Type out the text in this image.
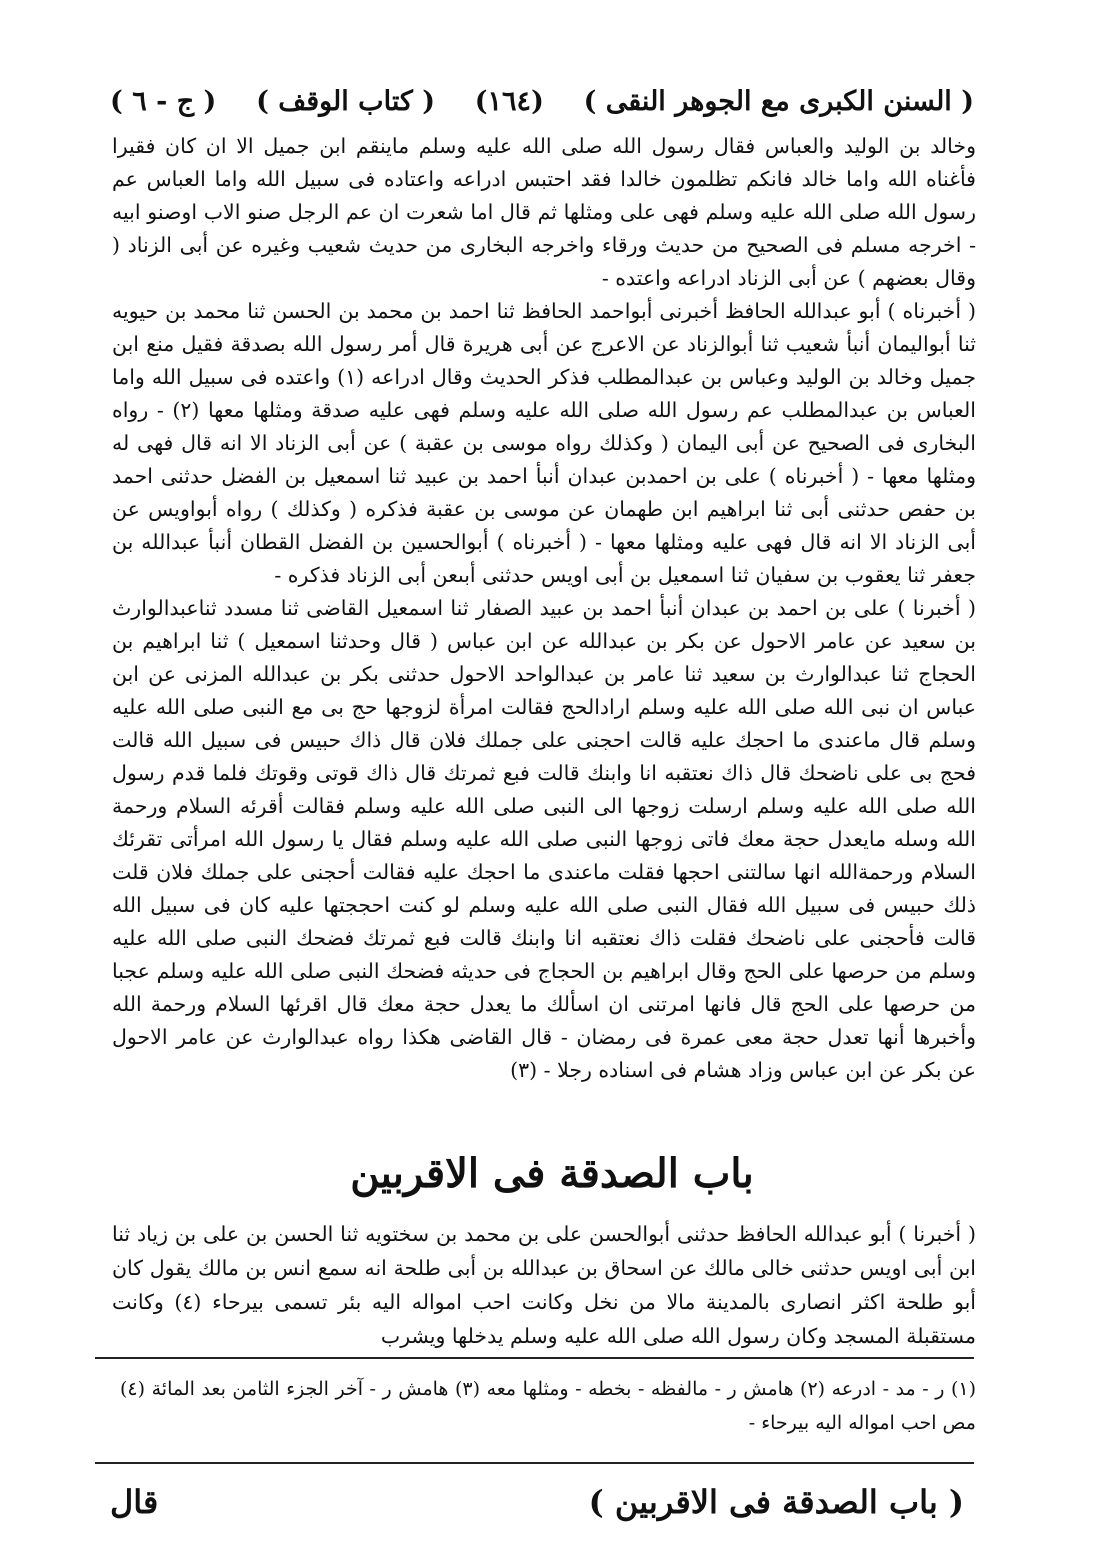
( السنن الكبرى مع الجوهر النقى )
(١٦٤)
( كتاب الوقف )
( ج - ٦ )

وخالد بن الوليد والعباس فقال رسول الله صلى الله عليه وسلم ماينقم ابن جميل الا ان كان فقيرا فأغناه الله واما خالد فانكم تظلمون خالدا فقد احتبس ادراعه واعتاده فى سبيل الله واما العباس عم رسول الله صلى الله عليه وسلم فهى على ومثلها ثم قال اما شعرت ان عم الرجل صنو الاب اوصنو ابيه - اخرجه مسلم فى الصحيح من حديث ورقاء واخرجه البخارى من حديث شعيب وغيره عن أبى الزناد ( وقال بعضهم ) عن أبى الزناد ادراعه واعتده -

( أخبرناه ) أبو عبدالله الحافظ أخبرنى أبواحمد الحافظ ثنا احمد بن محمد بن الحسن ثنا محمد بن حيويه ثنا أبواليمان أنبأ شعيب ثنا أبوالزناد عن الاعرج عن أبى هريرة قال أمر رسول الله بصدقة فقيل منع ابن جميل وخالد بن الوليد وعباس بن عبدالمطلب فذكر الحديث وقال ادراعه (١) واعتده فى سبيل الله واما العباس بن عبدالمطلب عم رسول الله صلى الله عليه وسلم فهى عليه صدقة ومثلها معها (٢) - رواه البخارى فى الصحيح عن أبى اليمان ( وكذلك رواه موسى بن عقبة ) عن أبى الزناد الا انه قال فهى له ومثلها معها - ( أخبرناه ) على بن احمدبن عبدان أنبأ احمد بن عبيد ثنا اسمعيل بن الفضل حدثنى احمد بن حفص حدثنى أبى ثنا ابراهيم ابن طهمان عن موسى بن عقبة فذكره ( وكذلك ) رواه أبواويس عن أبى الزناد الا انه قال فهى عليه ومثلها معها - ( أخبرناه ) أبوالحسين بن الفضل القطان أنبأ عبدالله بن جعفر ثنا يعقوب بن سفيان ثنا اسمعيل بن أبى اويس حدثنى أبىعن أبى الزناد فذكره -

( أخبرنا ) على بن احمد بن عبدان أنبأ احمد بن عبيد الصفار ثنا اسمعيل القاضى ثنا مسدد ثناعبدالوارث بن سعيد عن عامر الاحول عن بكر بن عبدالله عن ابن عباس ( قال وحدثنا اسمعيل ) ثنا ابراهيم بن الحجاج ثنا عبدالوارث بن سعيد ثنا عامر بن عبدالواحد الاحول حدثنى بكر بن عبدالله المزنى عن ابن عباس ان نبى الله صلى الله عليه وسلم ارادالحج فقالت امرأة لزوجها حج بى مع النبى صلى الله عليه وسلم قال ماعندى ما احجك عليه قالت احجنى على جملك فلان قال ذاك حبيس فى سبيل الله قالت فحج بى على ناضحك قال ذاك نعتقبه انا وابنك قالت فبع ثمرتك قال ذاك قوتى وقوتك فلما قدم رسول الله صلى الله عليه وسلم ارسلت زوجها الى النبى صلى الله عليه وسلم فقالت أقرئه السلام ورحمة الله وسله مايعدل حجة معك فاتى زوجها النبى صلى الله عليه وسلم فقال يا رسول الله امرأتى تقرئك السلام ورحمةالله انها سالتنى احجها فقلت ماعندى ما احجك عليه فقالت أحجنى على جملك فلان قلت ذلك حبيس فى سبيل الله فقال النبى صلى الله عليه وسلم لو كنت احججتها عليه كان فى سبيل الله قالت فأحجنى على ناضحك فقلت ذاك نعتقبه انا وابنك قالت فبع ثمرتك فضحك النبى صلى الله عليه وسلم من حرصها على الحج وقال ابراهيم بن الحجاج فى حديثه فضحك النبى صلى الله عليه وسلم عجبا من حرصها على الحج قال فانها امرتنى ان اسألك ما يعدل حجة معك قال اقرئها السلام ورحمة الله وأخبرها أنها تعدل حجة معى عمرة فى رمضان - قال القاضى هكذا رواه عبدالوارث عن عامر الاحول عن بكر عن ابن عباس وزاد هشام فى اسناده رجلا - (٣)

باب الصدقة فى الاقربين

( أخبرنا ) أبو عبدالله الحافظ حدثنى أبوالحسن على بن محمد بن سختويه ثنا الحسن بن على بن زياد ثنا ابن أبى اويس حدثنى خالى مالك عن اسحاق بن عبدالله بن أبى طلحة انه سمع انس بن مالك يقول كان أبو طلحة اكثر انصارى بالمدينة مالا من نخل وكانت احب امواله اليه بئر تسمى بيرحاء (٤) وكانت مستقبلة المسجد وكان رسول الله صلى الله عليه وسلم يدخلها ويشرب

(١) ر - مد - ادرعه (٢) هامش ر - مالفظه - بخطه - ومثلها معه (٣) هامش ر - آخر الجزء الثامن بعد المائة (٤) مص احب امواله اليه بيرحاء -
( باب الصدقة فى الاقربين )
قال
